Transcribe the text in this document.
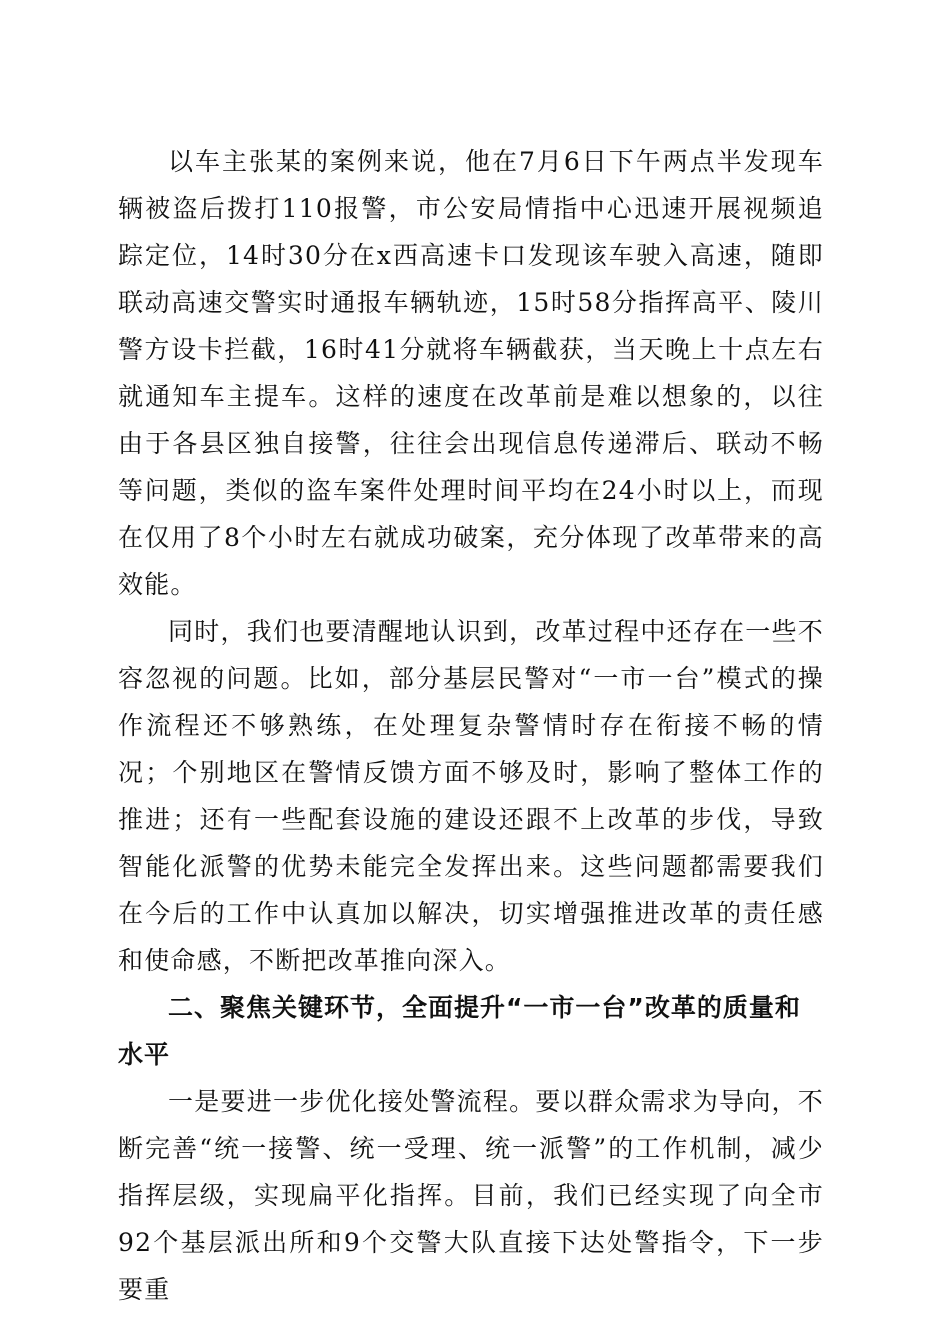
以车主张某的案例来说，他在7月6日下午两点半发现车辆被盗后拨打110报警，市公安局情指中心迅速开展视频追踪定位，14时30分在x西高速卡口发现该车驶入高速，随即联动高速交警实时通报车辆轨迹，15时58分指挥高平、陵川警方设卡拦截，16时41分就将车辆截获，当天晚上十点左右就通知车主提车。这样的速度在改革前是难以想象的，以往由于各县区独自接警，往往会出现信息传递滞后、联动不畅等问题，类似的盗车案件处理时间平均在24小时以上，而现在仅用了8个小时左右就成功破案，充分体现了改革带来的高效能。

同时，我们也要清醒地认识到，改革过程中还存在一些不容忽视的问题。比如，部分基层民警对“一市一台”模式的操作流程还不够熟练，在处理复杂警情时存在衔接不畅的情况；个别地区在警情反馈方面不够及时，影响了整体工作的推进；还有一些配套设施的建设还跟不上改革的步伐，导致智能化派警的优势未能完全发挥出来。这些问题都需要我们在今后的工作中认真加以解决，切实增强推进改革的责任感和使命感，不断把改革推向深入。

二、聚焦关键环节，全面提升“一市一台”改革的质量和水平

一是要进一步优化接处警流程。要以群众需求为导向，不断完善“统一接警、统一受理、统一派警”的工作机制，减少指挥层级，实现扁平化指挥。目前，我们已经实现了向全市92个基层派出所和9个交警大队直接下达处警指令，下一步要重
